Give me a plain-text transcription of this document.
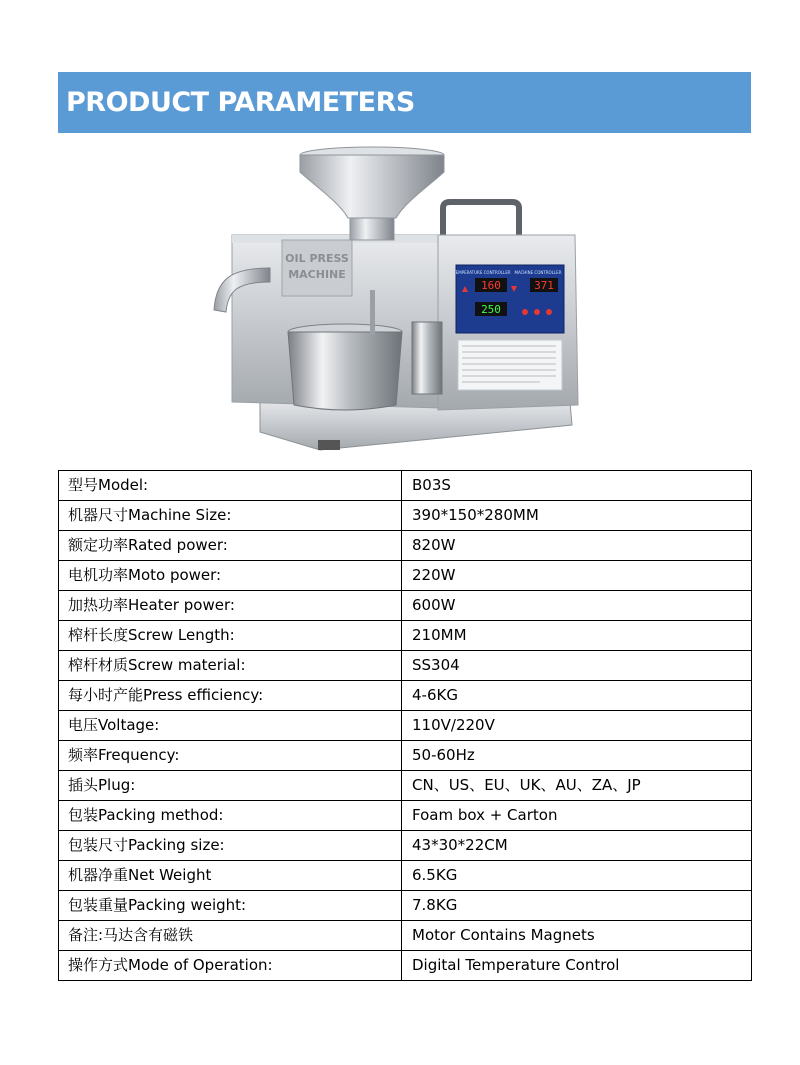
PRODUCT PARAMETERS
OIL PRESS
MACHINE	TEMPERATURE CONTROLLER MACHINE CONTROLLER
160
250
371
型号Model:	B03S
机器尺寸Machine Size:	390*150*280MM
额定功率Rated power:	820W
电机功率Moto power:	220W
加热功率Heater power:	600W
榨杆长度Screw Length:	210MM
榨杆材质Screw material:	SS304
每小时产能Press efficiency:	4-6KG
电压Voltage:	110V/220V
频率Frequency:	50-60Hz
插头Plug:	CN、US、EU、UK、AU、ZA、JP
包装Packing method:	Foam box + Carton
包装尺寸Packing size:	43*30*22CM
机器净重Net Weight	6.5KG
包装重量Packing weight:	7.8KG
备注:马达含有磁铁	Motor Contains Magnets
操作方式Mode of Operation:	Digital Temperature Control
